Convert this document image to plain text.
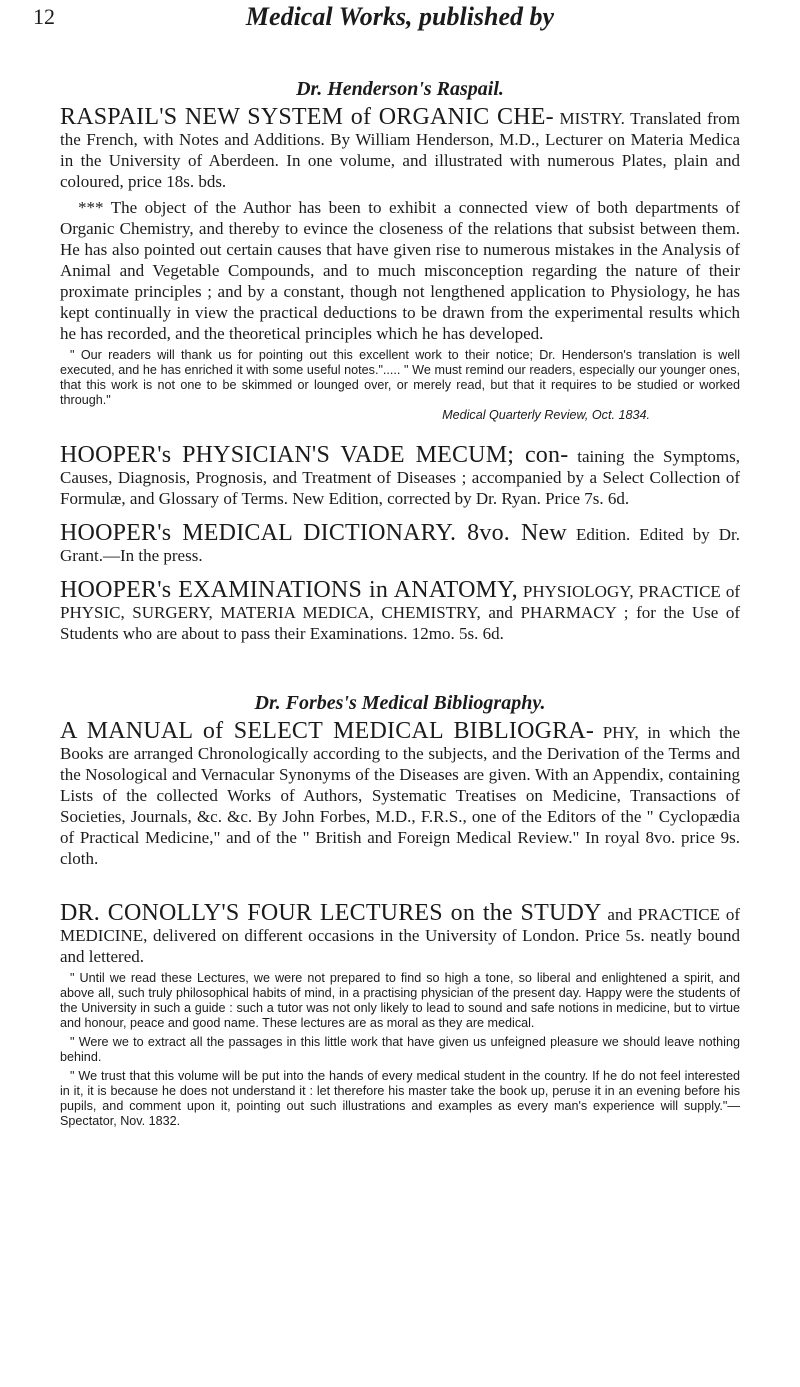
12	Medical Works, published by
Dr. Henderson's Raspail.

RASPAIL'S NEW SYSTEM of ORGANIC CHE- MISTRY. Translated from the French, with Notes and Additions. By William Henderson, M.D., Lecturer on Materia Medica in the University of Aberdeen. In one volume, and illustrated with numerous Plates, plain and coloured, price 18s. bds.

*** The object of the Author has been to exhibit a connected view of both departments of Organic Chemistry, and thereby to evince the closeness of the relations that subsist between them. He has also pointed out certain causes that have given rise to numerous mistakes in the Analysis of Animal and Vegetable Compounds, and to much misconception regarding the nature of their proximate principles ; and by a constant, though not lengthened application to Physiology, he has kept continually in view the practical deductions to be drawn from the experimental results which he has recorded, and the theoretical principles which he has developed.

" Our readers will thank us for pointing out this excellent work to their notice; Dr. Henderson's translation is well executed, and he has enriched it with some useful notes."..... " We must remind our readers, especially our younger ones, that this work is not one to be skimmed or lounged over, or merely read, but that it requires to be studied or worked through."

Medical Quarterly Review, Oct. 1834.

HOOPER's PHYSICIAN'S VADE MECUM; con- taining the Symptoms, Causes, Diagnosis, Prognosis, and Treatment of Diseases ; accompanied by a Select Collection of Formulæ, and Glossary of Terms. New Edition, corrected by Dr. Ryan. Price 7s. 6d.

HOOPER's MEDICAL DICTIONARY. 8vo. New Edition. Edited by Dr. Grant.—In the press.

HOOPER's EXAMINATIONS in ANATOMY, PHYSIOLOGY, PRACTICE of PHYSIC, SURGERY, MATERIA MEDICA, CHEMISTRY, and PHARMACY ; for the Use of Students who are about to pass their Examinations. 12mo. 5s. 6d.

Dr. Forbes's Medical Bibliography.

A MANUAL of SELECT MEDICAL BIBLIOGRA- PHY, in which the Books are arranged Chronologically according to the subjects, and the Derivation of the Terms and the Nosological and Vernacular Synonyms of the Diseases are given. With an Appendix, containing Lists of the collected Works of Authors, Systematic Treatises on Medicine, Transactions of Societies, Journals, &c. &c. By John Forbes, M.D., F.R.S., one of the Editors of the " Cyclopædia of Practical Medicine," and of the " British and Foreign Medical Review." In royal 8vo. price 9s. cloth.

DR. CONOLLY'S FOUR LECTURES on the STUDY and PRACTICE of MEDICINE, delivered on different occasions in the University of London. Price 5s. neatly bound and lettered.

" Until we read these Lectures, we were not prepared to find so high a tone, so liberal and enlightened a spirit, and above all, such truly philosophical habits of mind, in a practising physician of the present day. Happy were the students of the University in such a guide : such a tutor was not only likely to lead to sound and safe notions in medicine, but to virtue and honour, peace and good name. These lectures are as moral as they are medical.

" Were we to extract all the passages in this little work that have given us unfeigned pleasure we should leave nothing behind.

" We trust that this volume will be put into the hands of every medical student in the country. If he do not feel interested in it, it is because he does not understand it : let therefore his master take the book up, peruse it in an evening before his pupils, and comment upon it, pointing out such illustrations and examples as every man's experience will supply."—Spectator, Nov. 1832.
